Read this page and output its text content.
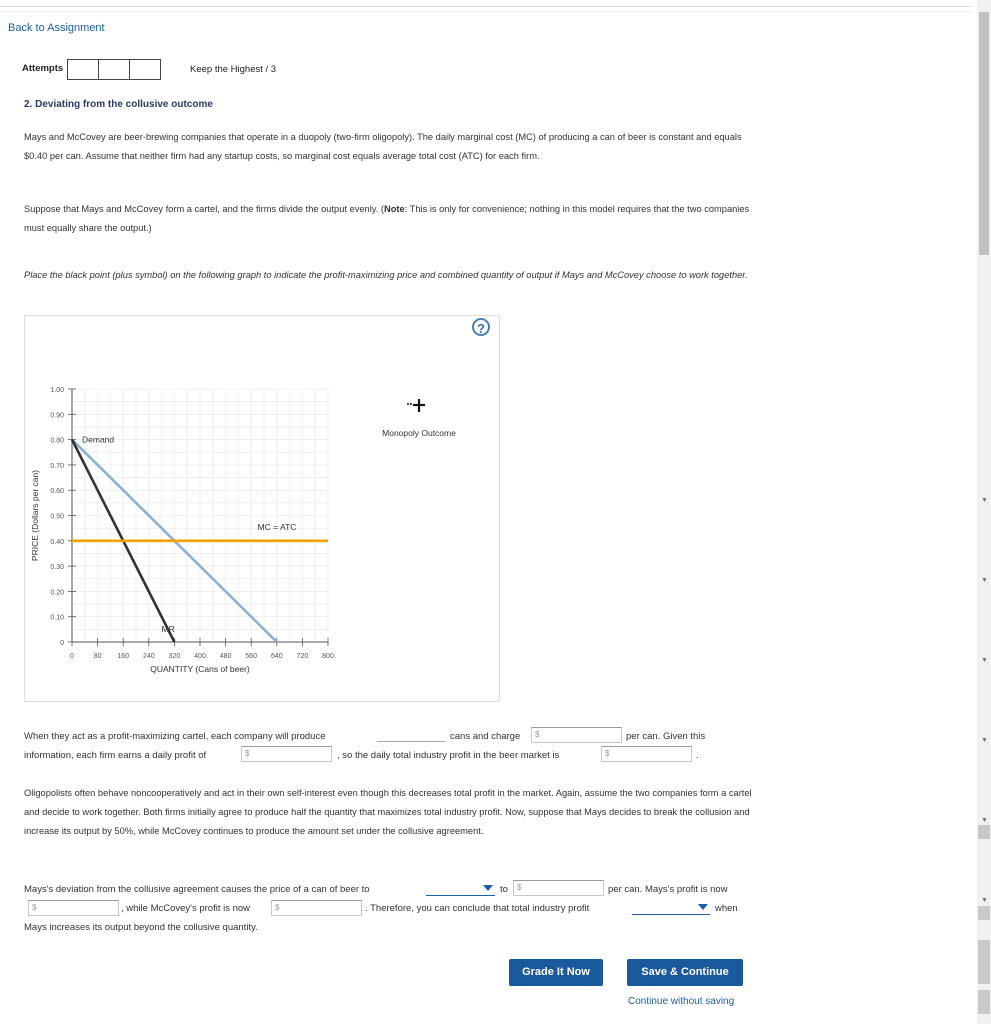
Back to Assignment
Attempts	Keep the Highest / 3
2. Deviating from the collusive outcome
Mays and McCovey are beer-brewing companies that operate in a duopoly (two-firm oligopoly). The daily marginal cost (MC) of producing a can of beer is constant and equals $0.40 per can. Assume that neither firm had any startup costs, so marginal cost equals average total cost (ATC) for each firm.
Suppose that Mays and McCovey form a cartel, and the firms divide the output evenly. (Note: This is only for convenience; nothing in this model requires that the two companies must equally share the output.)
Place the black point (plus symbol) on the following graph to indicate the profit-maximizing price and combined quantity of output if Mays and McCovey choose to work together.
?
0	80 160 240 320 400 480 560 640 720 800
0
0.10
0.20
0.30
0.40
0.50
0.60
0.70
0.80
0.90
1.00
Demand
MR
MC = ATC
QUANTITY (Cans of beer)
PRICE (Dollars per can)
Monopoly Outcome
When they act as a profit-maximizing cartel, each company will produce	cans and charge	$	per can. Given this
information, each firm earns a daily profit of	$	, so the daily total industry profit in the beer market is	$	.
Oligopolists often behave noncooperatively and act in their own self-interest even though this decreases total profit in the market. Again, assume the two companies form a cartel and decide to work together. Both firms initially agree to produce half the quantity that maximizes total industry profit. Now, suppose that Mays decides to break the collusion and increase its output by 50%, while McCovey continues to produce the amount set under the collusive agreement.
Mays's deviation from the collusive agreement causes the price of a can of beer to	to	$	per can. Mays's profit is now
$	, while McCovey's profit is now	$	. Therefore, you can conclude that total industry profit	when
Mays increases its output beyond the collusive quantity.
Grade It Now	Save & Continue
Continue without saving
▼
▼
▼
▼
▼
▼
